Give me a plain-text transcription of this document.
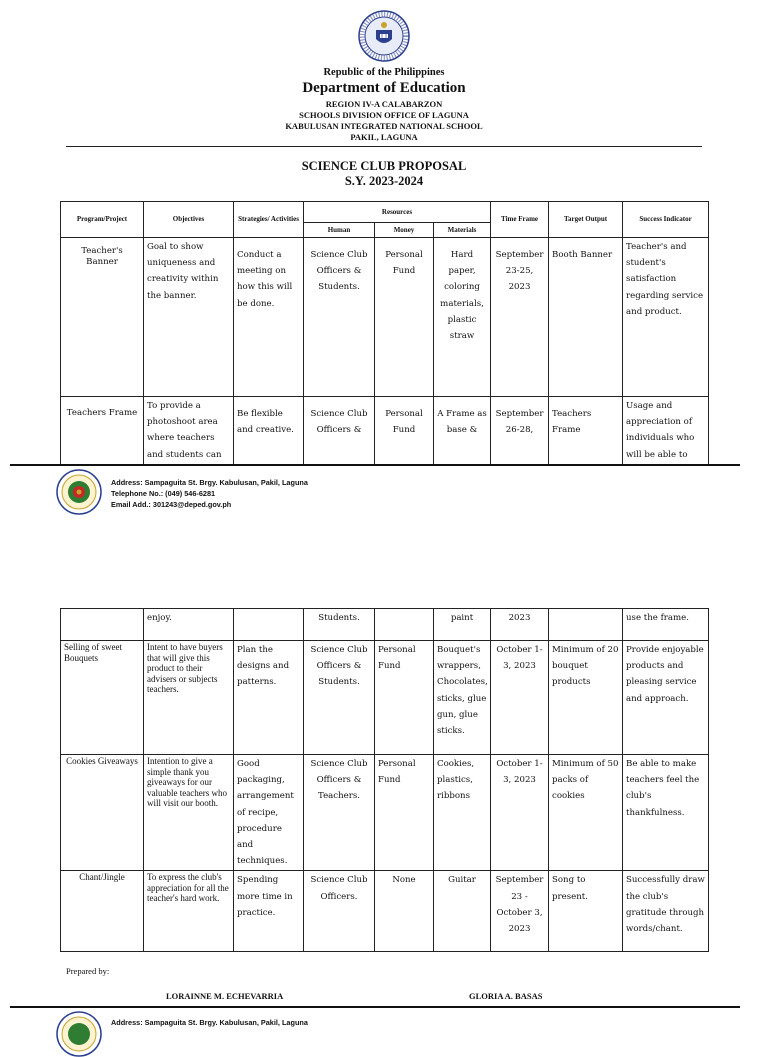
Republic of the Philippines
Department of Education
REGION IV-A CALABARZON
SCHOOLS DIVISION OFFICE OF LAGUNA
KABULUSAN INTEGRATED NATIONAL SCHOOL
PAKIL, LAGUNA
SCIENCE CLUB PROPOSAL
S.Y. 2023-2024
Program/Project	Objectives	Strategies/ Activities	Resources			Time Frame	Target Output	Success Indicator
			Human	Money	Materials			
Teacher's Banner	Goal to show uniqueness and creativity within the banner.	Conduct a meeting on how this will be done.	Science Club Officers & Students.	Personal Fund	Hard paper, coloring materials, plastic straw	September 23-25, 2023	Booth Banner	Teacher's and student's satisfaction regarding service and product.
Teachers Frame	To provide a photoshoot area where teachers and students can	Be flexible and creative.	Science Club Officers &	Personal Fund	A Frame as base &	September 26-28,	Teachers Frame	Usage and appreciation of individuals who will be able to
Address: Sampaguita St. Brgy. Kabulusan, Pakil, Laguna
Telephone No.: (049) 546-6281
Email Add.: 301243@deped.gov.ph
	enjoy.		Students.		paint	2023		use the frame.
Selling of sweet Bouquets	Intent to have buyers that will give this product to their advisers or subjects teachers.	Plan the designs and patterns.	Science Club Officers & Students.	Personal Fund	Bouquet's wrappers, Chocolates, sticks, glue gun, glue sticks.	October 1-3, 2023	Minimum of 20 bouquet products	Provide enjoyable products and pleasing service and approach.
Cookies Giveaways	Intention to give a simple thank you giveaways for our valuable teachers who will visit our booth.	Good packaging, arrangement of recipe, procedure and techniques.	Science Club Officers & Teachers.	Personal Fund	Cookies, plastics, ribbons	October 1-3, 2023	Minimum of 50 packs of cookies	Be able to make teachers feel the club's thankfulness.
Chant/Jingle	To express the club's appreciation for all the teacher's hard work.	Spending more time in practice.	Science Club Officers.	None	Guitar	September 23 - October 3, 2023	Song to present.	Successfully draw the club's gratitude through words/chant.
Prepared by:
LORAINNE M. ECHEVARRIA	GLORIA A. BASAS
Address: Sampaguita St. Brgy. Kabulusan, Pakil, Laguna
